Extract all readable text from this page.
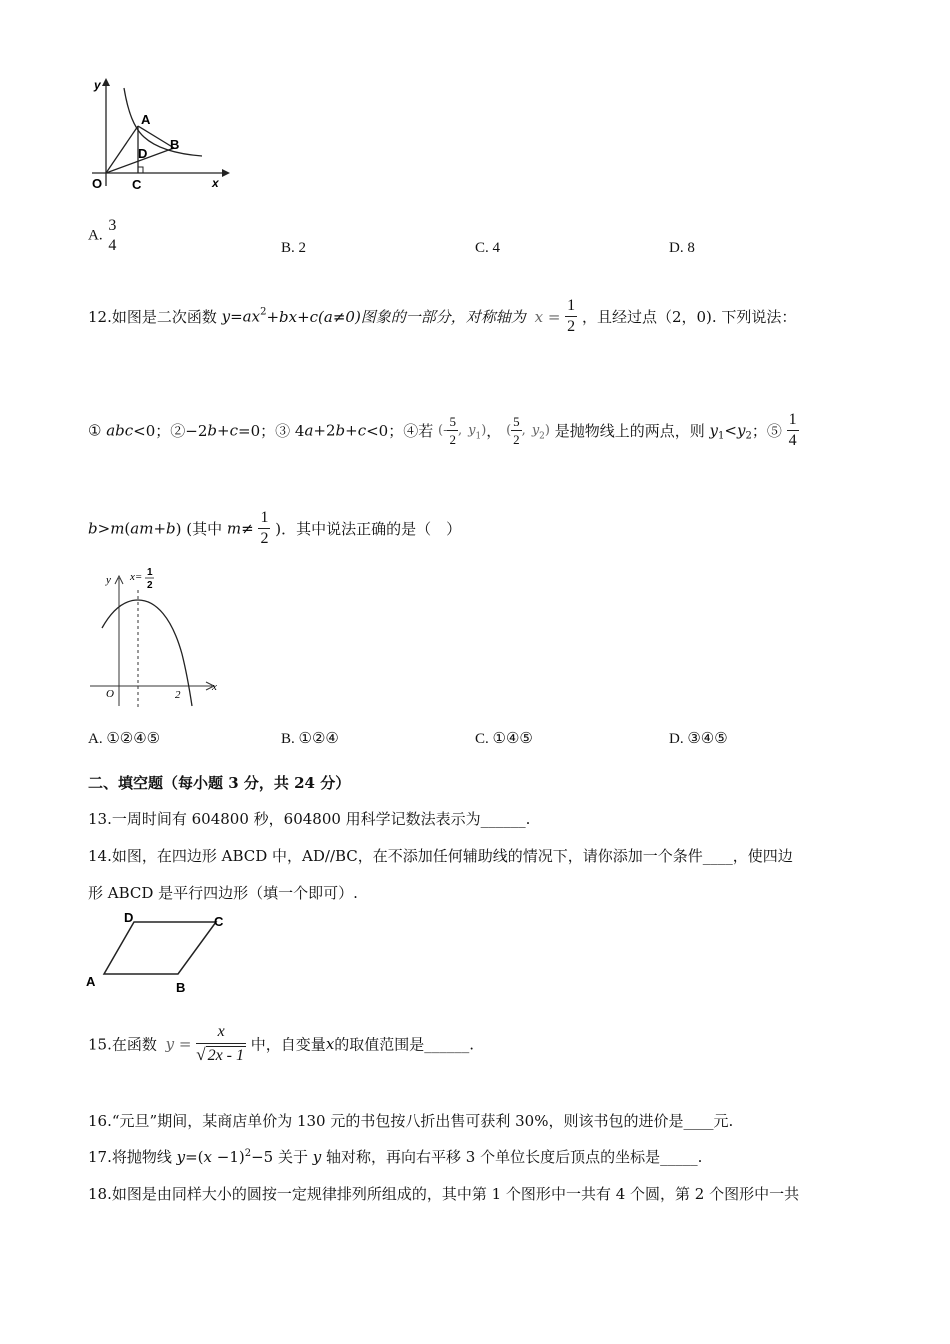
y
x
O C
A
B
D
A.
3
4	B. 2	C. 4	D. 8
12.如图是二次函数 $y=ax^2+bx+c(a\ne 0)$图象的一部分，对称轴为 $x = \frac{1}{2}$ ，且经过点（2，0). 下列说法：
① abc<0；②−2b+c=0；③ 4a+2b+c<0；④若 (- $\frac{5}{2}$ , $y_1$)， ( $\frac{5}{2}$ , $y_2$) 是抛物线上的两点，则 $y_1<y_2$；⑤ $\frac{1}{4}$
b>m(am+b) (其中 $m\ne \frac{1}{2}$ )．其中说法正确的是（　）
y
x
O	2
x= 1
2
A. ①②④⑤	B. ①②④	C. ①④⑤	D. ③④⑤
二、填空题（每小题 3 分，共 24 分）
13.一周时间有 604800 秒，604800 用科学记数法表示为______.
14.如图，在四边形 ABCD 中，AD//BC，在不添加任何辅助线的情况下，请你添加一个条件____，使四边
形 ABCD 是平行四边形（填一个即可）.
A	B
C
D
15.在函数 $y = \frac{x}{√ 2x - 1}$ 中，自变量x的取值范围是______.
16.“元旦”期间，某商店单价为 130 元的书包按八折出售可获利 30%，则该书包的进价是____元.
17.将抛物线 $y=(x -1)^2-5$ 关于 y 轴对称，再向右平移 3 个单位长度后顶点的坐标是_____.
18.如图是由同样大小的圆按一定规律排列所组成的，其中第 1 个图形中一共有 4 个圆，第 2 个图形中一共
